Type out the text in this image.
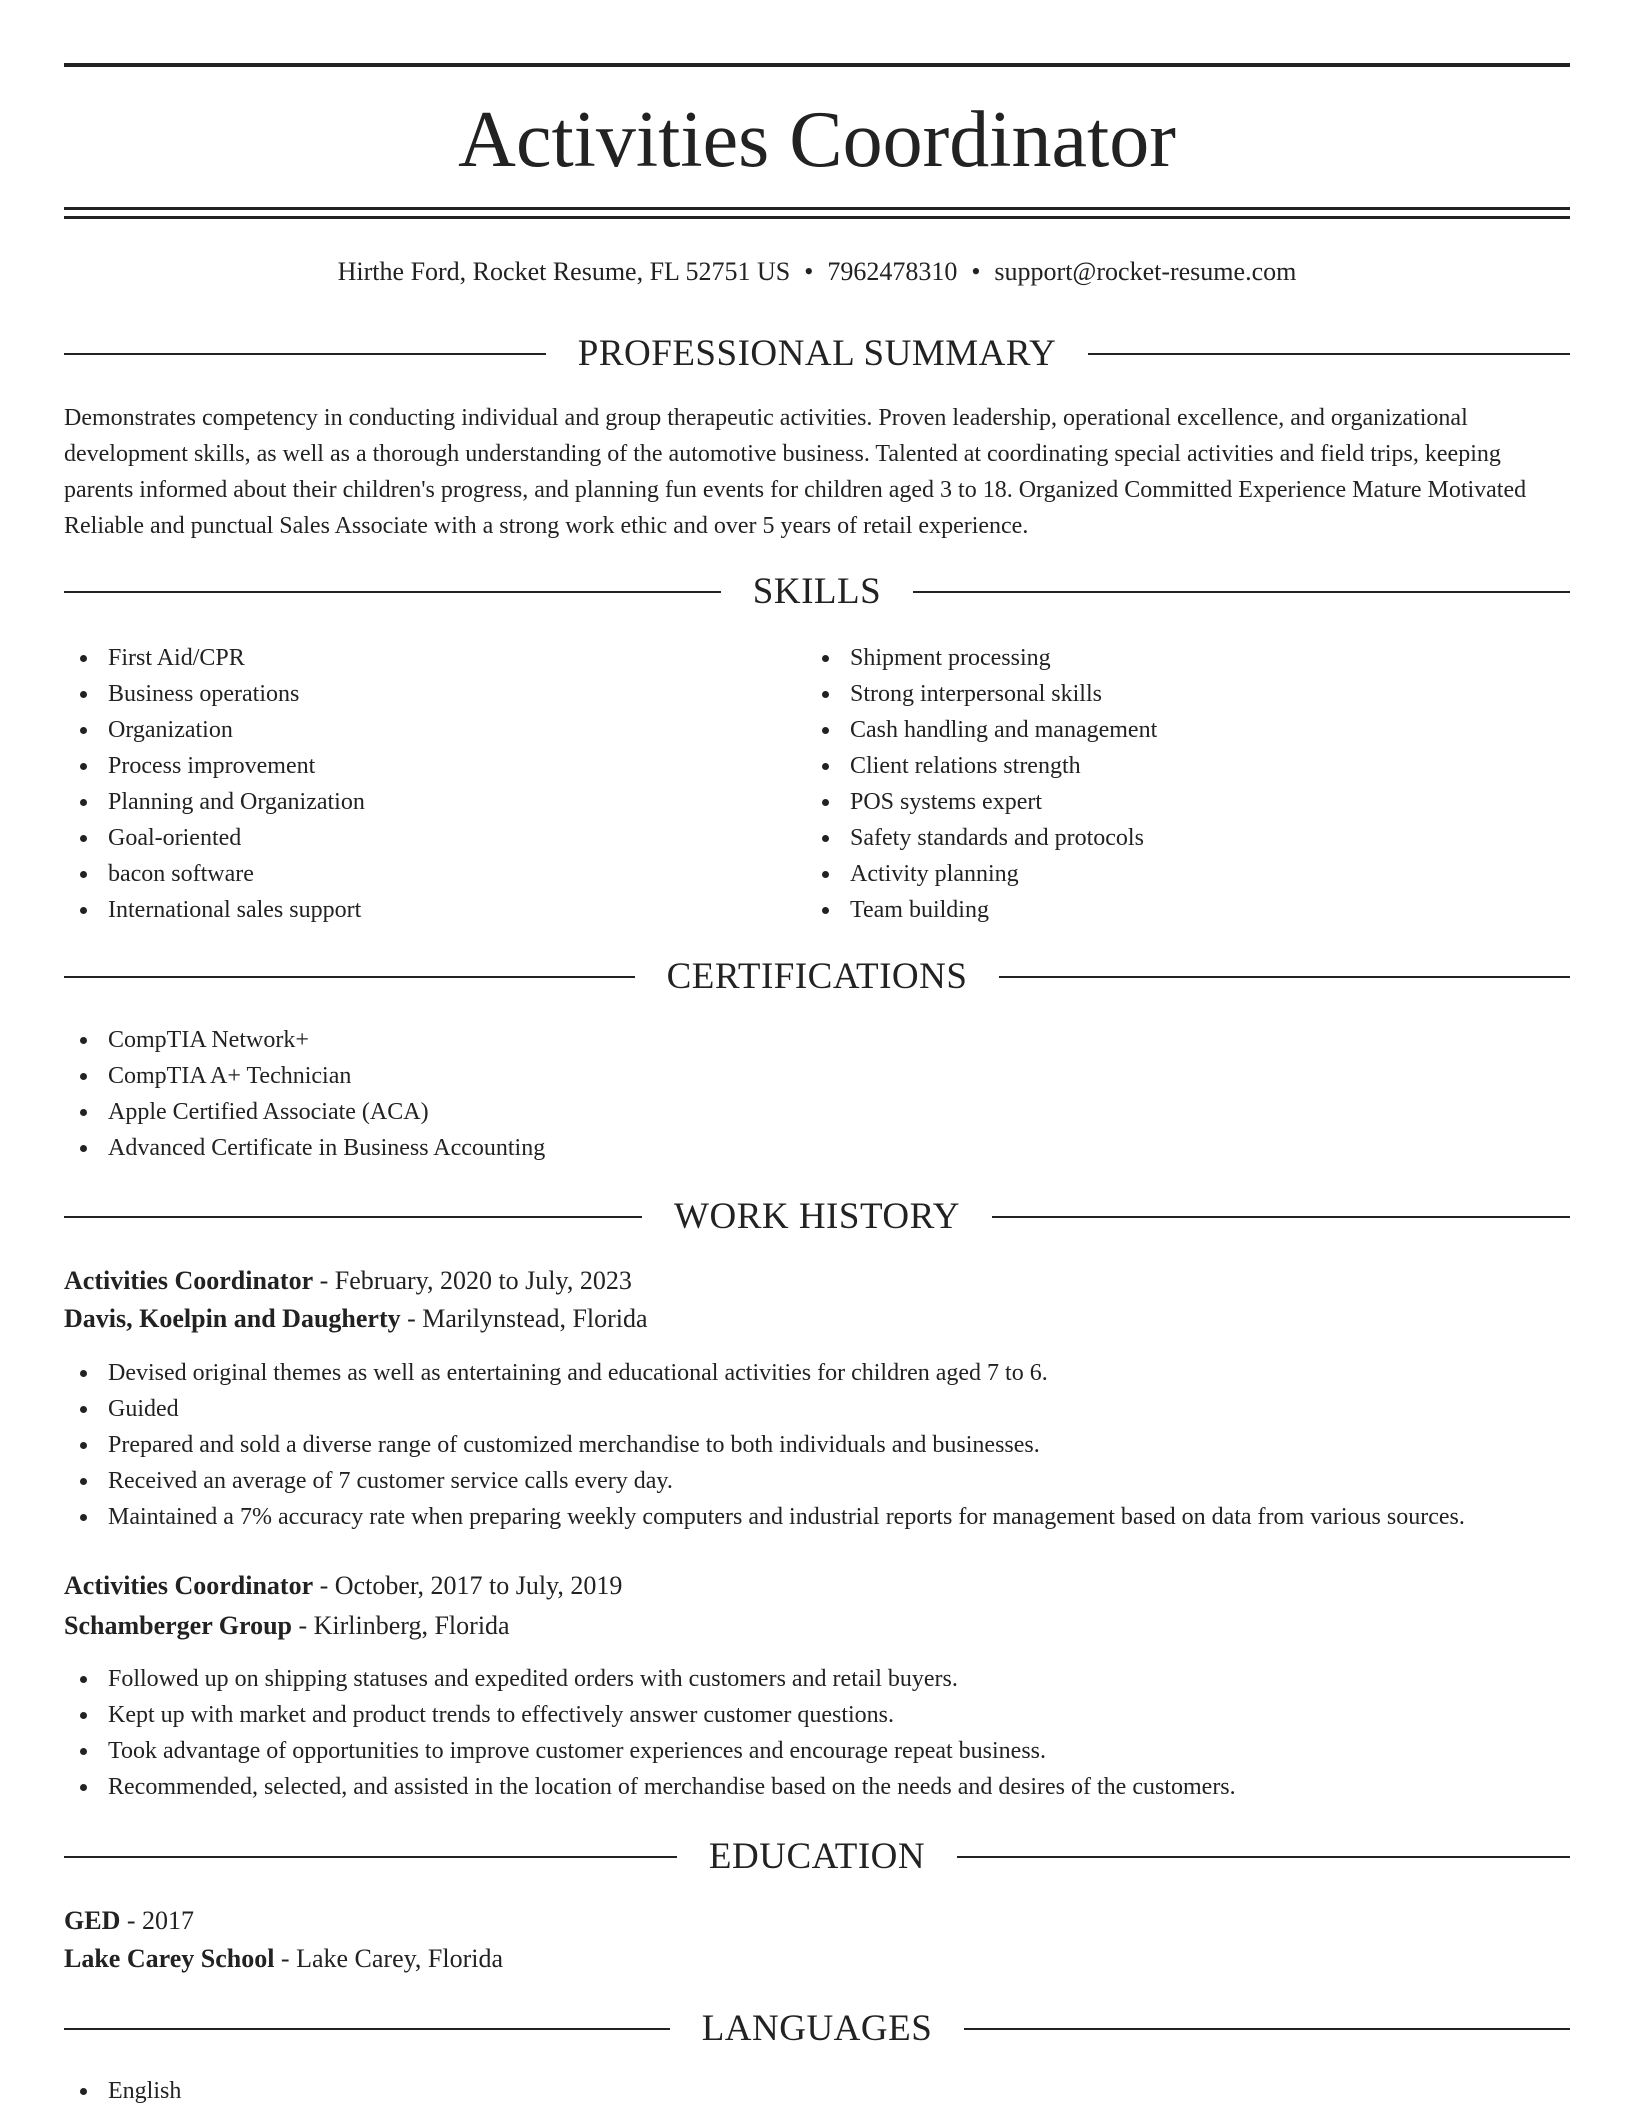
Activities Coordinator
Hirthe Ford, Rocket Resume, FL 52751 US • 7962478310 • support@rocket-resume.com
PROFESSIONAL SUMMARY

Demonstrates competency in conducting individual and group therapeutic activities. Proven leadership, operational excellence, and organizational development skills, as well as a thorough understanding of the automotive business. Talented at coordinating special activities and field trips, keeping parents informed about their children's progress, and planning fun events for children aged 3 to 18. Organized Committed Experience Mature Motivated Reliable and punctual Sales Associate with a strong work ethic and over 5 years of retail experience.

SKILLS
First Aid/CPR
Business operations
Organization
Process improvement
Planning and Organization
Goal-oriented
bacon software
International sales support
Shipment processing
Strong interpersonal skills
Cash handling and management
Client relations strength
POS systems expert
Safety standards and protocols
Activity planning
Team building
CERTIFICATIONS
CompTIA Network+
CompTIA A+ Technician
Apple Certified Associate (ACA)
Advanced Certificate in Business Accounting
WORK HISTORY
Activities Coordinator - February, 2020 to July, 2023
Davis, Koelpin and Daugherty - Marilynstead, Florida
Devised original themes as well as entertaining and educational activities for children aged 7 to 6.
Guided
Prepared and sold a diverse range of customized merchandise to both individuals and businesses.
Received an average of 7 customer service calls every day.
Maintained a 7% accuracy rate when preparing weekly computers and industrial reports for management based on data from various sources.
Activities Coordinator - October, 2017 to July, 2019
Schamberger Group - Kirlinberg, Florida
Followed up on shipping statuses and expedited orders with customers and retail buyers.
Kept up with market and product trends to effectively answer customer questions.
Took advantage of opportunities to improve customer experiences and encourage repeat business.
Recommended, selected, and assisted in the location of merchandise based on the needs and desires of the customers.
EDUCATION
GED - 2017
Lake Carey School - Lake Carey, Florida
LANGUAGES
English
